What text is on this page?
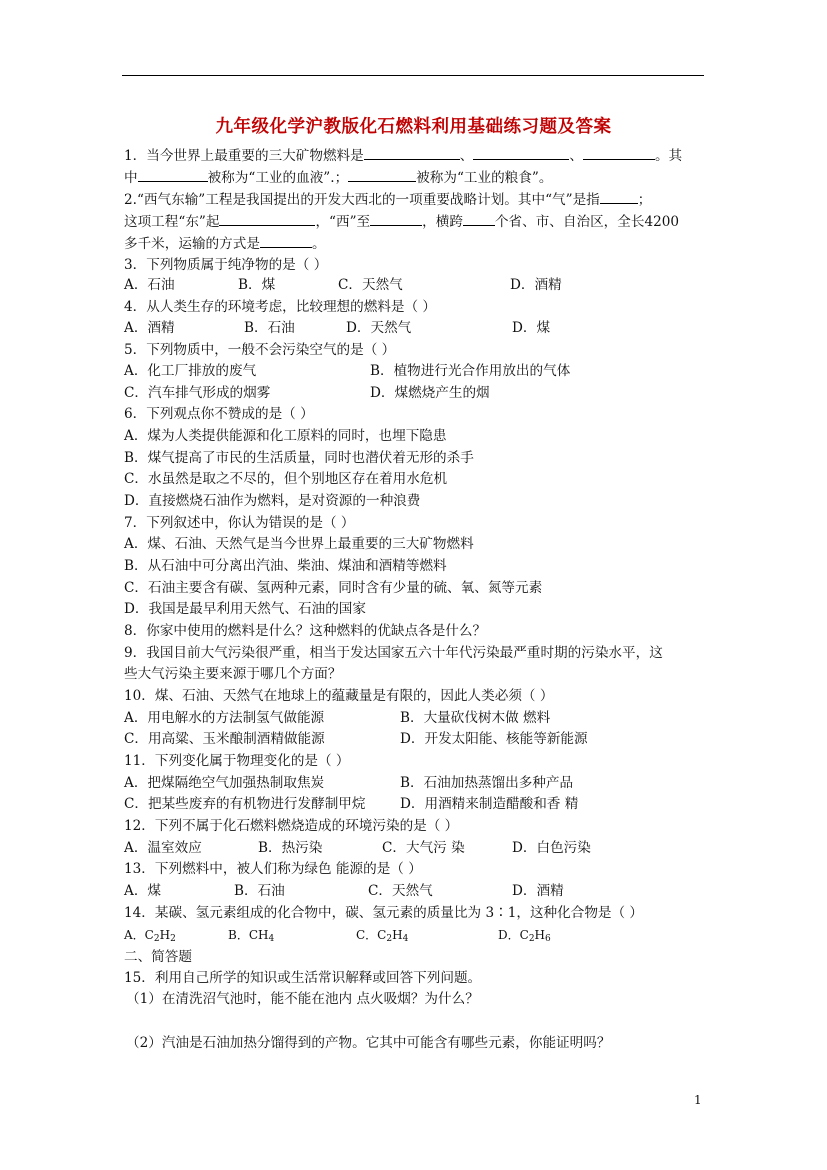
九年级化学沪教版化石燃料利用基础练习题及答案
1．当今世界上最重要的三大矿物燃料是	、	、	。其
中	被称为“工业的血液”.；	被称为“工业的粮食”。
2.“西气东输”工程是我国提出的开发大西北的一项重要战略计划。其中“气”是指	；
这项工程“东”起	，“西”至	，横跨 个省、市、自治区，全长4200
多千米，运输的方式是	。
3．下列物质属于纯净物的是（ ）
A．石油	B．煤	C．天然气	D．酒精
4．从人类生存的环境考虑，比较理想的燃料是（ ）
A．酒精	B．石油	D．天然气	D．煤
5．下列物质中，一般不会污染空气的是（ ）
A．化工厂排放的废气	B．植物进行光合作用放出的气体
C．汽车排气形成的烟雾	D．煤燃烧产生的烟
6．下列观点你不赞成的是（ ）
A．煤为人类提供能源和化工原料的同时，也埋下隐患
B．煤气提高了市民的生活质量，同时也潜伏着无形的杀手
C．水虽然是取之不尽的，但个别地区存在着用水危机
D．直接燃烧石油作为燃料，是对资源的一种浪费
7．下列叙述中，你认为错误的是（ ）
A．煤、石油、天然气是当今世界上最重要的三大矿物燃料
B．从石油中可分离出汽油、柴油、煤油和酒精等燃料
C．石油主要含有碳、氢两种元素，同时含有少量的硫、氧、氮等元素
D．我国是最早利用天然气、石油的国家
8．你家中使用的燃料是什么？这种燃料的优缺点各是什么？
9．我国目前大气污染很严重，相当于发达国家五六十年代污染最严重时期的污染水平，这
些大气污染主要来源于哪几个方面？
10．煤、石油、天然气在地球上的蕴藏量是有限的，因此人类必须（ ）
A．用电解水的方法制氢气做能源	B．大量砍伐树木做 燃料
C．用高粱、玉米酿制酒精做能源	D．开发太阳能、核能等新能源
11．下列变化属于物理变化的是（ ）
A．把煤隔绝空气加强热制取焦炭	B．石油加热蒸馏出多种产品
C．把某些废弃的有机物进行发酵制甲烷	D．用酒精来制造醋酸和香 精
12．下列不属于化石燃料燃烧造成的环境污染的是（ ）
A．温室效应	B．热污染	C．大气污 染	D．白色污染
13．下列燃料中，被人们称为绿色 能源的是（ ）
A．煤	B．石油	C．天然气	D．酒精
14．某碳、氢元素组成的化合物中，碳、氢元素的质量比为 3∶1，这种化合物是（ ）
A．$C_2H_2$	B．$CH_4$	C．$C_2H_4$	D．$C_2H_6$
二、简答题
15．利用自己所学的知识或生活常识解释或回答下列问题。
（1）在清洗沼气池时，能不能在池内 点火吸烟？为什么？
（2）汽油是石油加热分馏得到的产物。它其中可能含有哪些元素，你能证明吗？
1
